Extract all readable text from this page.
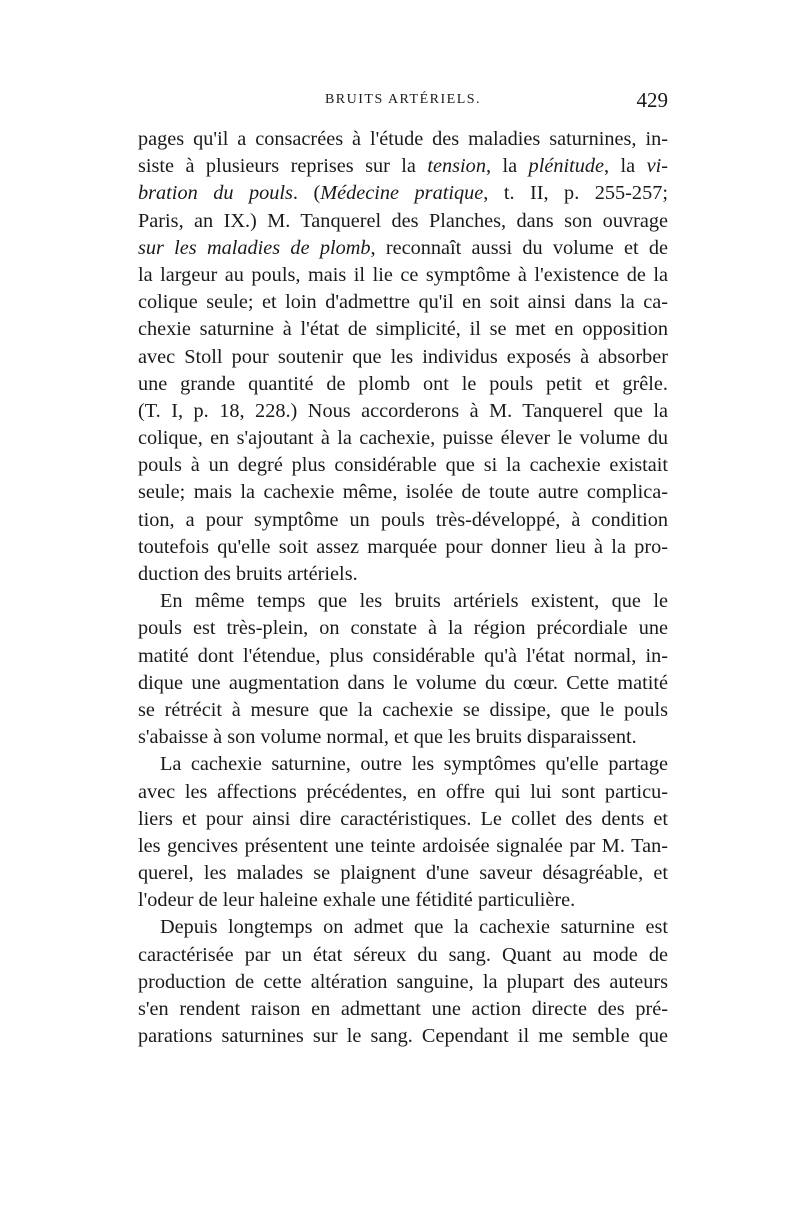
BRUITS ARTÉRIELS.	429
pages qu'il a consacrées à l'étude des maladies saturnines, in-
siste à plusieurs reprises sur la tension, la plénitude, la vi-
bration du pouls. (Médecine pratique, t. II, p. 255-257;
Paris, an IX.) M. Tanquerel des Planches, dans son ouvrage
sur les maladies de plomb, reconnaît aussi du volume et de
la largeur au pouls, mais il lie ce symptôme à l'existence de la
colique seule; et loin d'admettre qu'il en soit ainsi dans la ca-
chexie saturnine à l'état de simplicité, il se met en opposition
avec Stoll pour soutenir que les individus exposés à absorber
une grande quantité de plomb ont le pouls petit et grêle.
(T. I, p. 18, 228.) Nous accorderons à M. Tanquerel que la
colique, en s'ajoutant à la cachexie, puisse élever le volume du
pouls à un degré plus considérable que si la cachexie existait
seule; mais la cachexie même, isolée de toute autre complica-
tion, a pour symptôme un pouls très-développé, à condition
toutefois qu'elle soit assez marquée pour donner lieu à la pro-
duction des bruits artériels.
En même temps que les bruits artériels existent, que le
pouls est très-plein, on constate à la région précordiale une
matité dont l'étendue, plus considérable qu'à l'état normal, in-
dique une augmentation dans le volume du cœur. Cette matité
se rétrécit à mesure que la cachexie se dissipe, que le pouls
s'abaisse à son volume normal, et que les bruits disparaissent.
La cachexie saturnine, outre les symptômes qu'elle partage
avec les affections précédentes, en offre qui lui sont particu-
liers et pour ainsi dire caractéristiques. Le collet des dents et
les gencives présentent une teinte ardoisée signalée par M. Tan-
querel, les malades se plaignent d'une saveur désagréable, et
l'odeur de leur haleine exhale une fétidité particulière.
Depuis longtemps on admet que la cachexie saturnine est
caractérisée par un état séreux du sang. Quant au mode de
production de cette altération sanguine, la plupart des auteurs
s'en rendent raison en admettant une action directe des pré-
parations saturnines sur le sang. Cependant il me semble que
